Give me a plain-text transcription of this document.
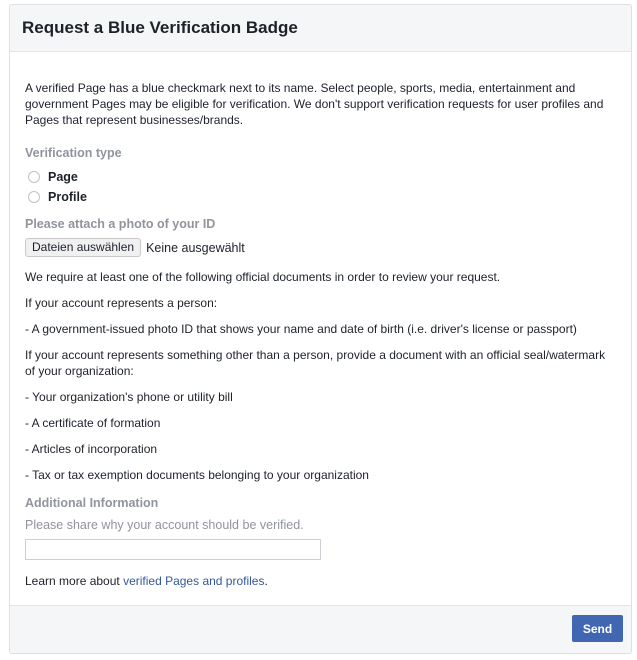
Request a Blue Verification Badge

A verified Page has a blue checkmark next to its name. Select people, sports, media, entertainment and government Pages may be eligible for verification. We don't support verification requests for user profiles and Pages that represent businesses/brands.

Verification type
Page
Profile
Please attach a photo of your ID
Dateien auswählen Keine ausgewählt

We require at least one of the following official documents in order to review your request.

If your account represents a person:

- A government-issued photo ID that shows your name and date of birth (i.e. driver's license or passport)

If your account represents something other than a person, provide a document with an official seal/watermark of your organization:

- Your organization's phone or utility bill

- A certificate of formation

- Articles of incorporation

- Tax or tax exemption documents belonging to your organization

Additional Information
Please share why your account should be verified.

Learn more about verified Pages and profiles.

Send
